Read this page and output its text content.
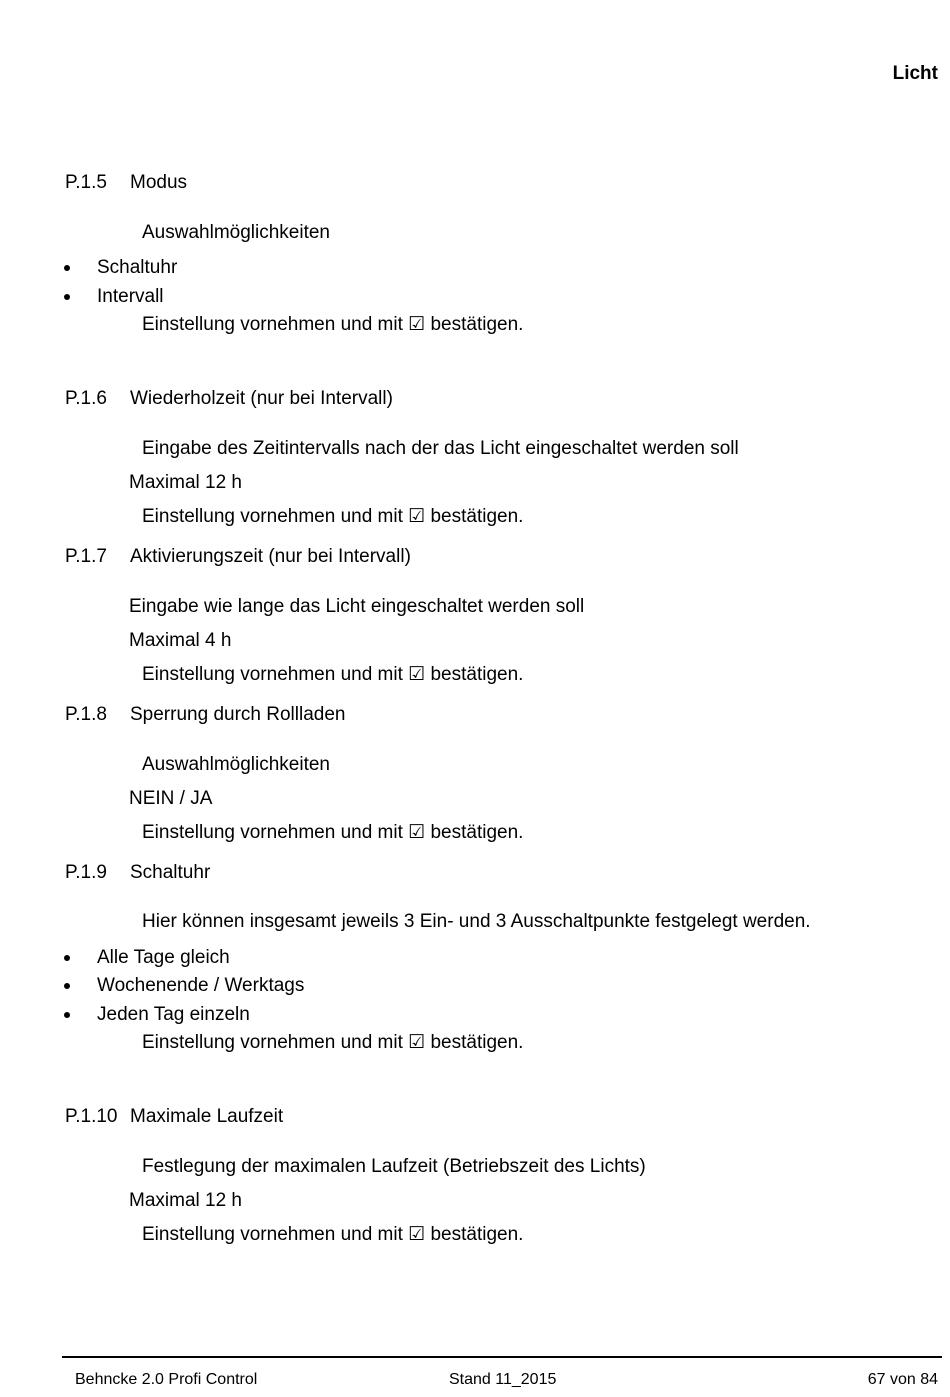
Licht
P.1.5 Modus
Auswahlmöglichkeiten
Schaltuhr
Intervall
Einstellung vornehmen und mit ☑ bestätigen.
P.1.6 Wiederholzeit (nur bei Intervall)
Eingabe des Zeitintervalls nach der das Licht eingeschaltet werden soll
Maximal 12 h
Einstellung vornehmen und mit ☑ bestätigen.
P.1.7 Aktivierungszeit (nur bei Intervall)
Eingabe wie lange das Licht eingeschaltet werden soll
Maximal 4 h
Einstellung vornehmen und mit ☑ bestätigen.
P.1.8 Sperrung durch Rollladen
Auswahlmöglichkeiten
NEIN / JA
Einstellung vornehmen und mit ☑ bestätigen.
P.1.9 Schaltuhr
Hier können insgesamt jeweils 3 Ein- und 3 Ausschaltpunkte festgelegt werden.
Alle Tage gleich
Wochenende / Werktags
Jeden Tag einzeln
Einstellung vornehmen und mit ☑ bestätigen.
P.1.10 Maximale Laufzeit
Festlegung der maximalen Laufzeit (Betriebszeit des Lichts)
Maximal 12 h
Einstellung vornehmen und mit ☑ bestätigen.
Behncke 2.0 Profi Control	Stand 11_2015	67 von 84
